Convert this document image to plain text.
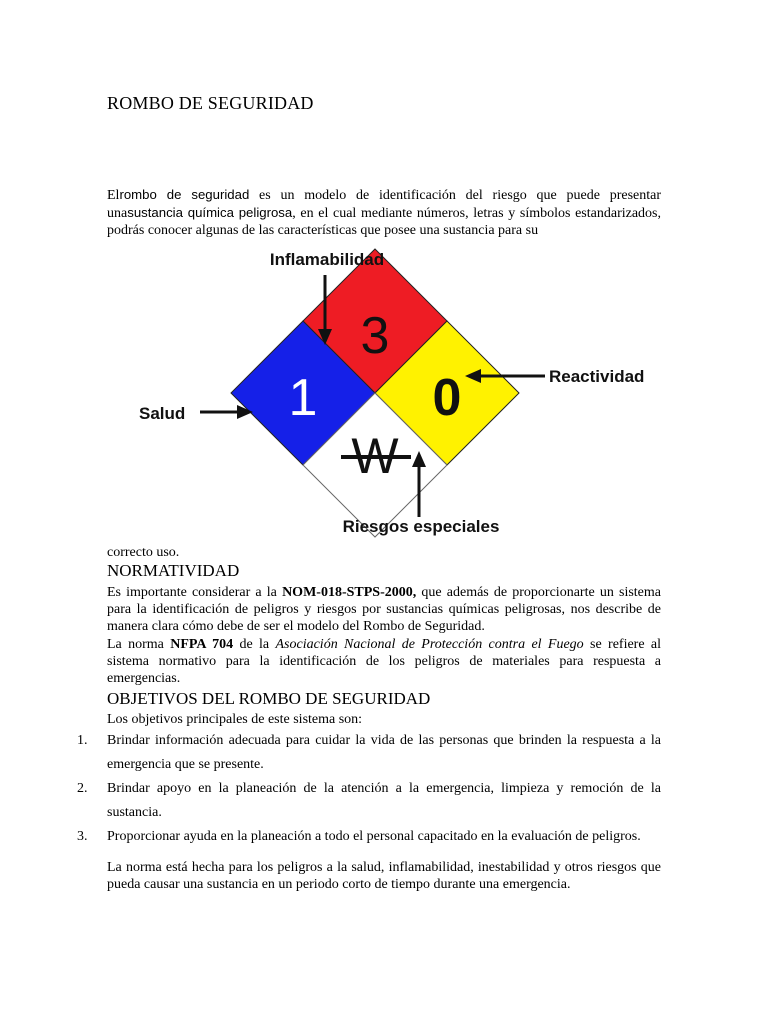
ROMBO DE SEGURIDAD
Elrombo de seguridad es un modelo de identificación del riesgo que puede presentar unasustancia química peligrosa, en el cual mediante números, letras y símbolos estandarizados, podrás conocer algunas de las características que posee una sustancia para su
3
1 0
W
Inflamabilidad
Reactividad
Salud
Riesgos especiales
correcto uso.
NORMATIVIDAD
Es importante considerar a la NOM-018-STPS-2000, que además de proporcionarte un sistema para la identificación de peligros y riesgos por sustancias químicas peligrosas, nos describe de manera clara cómo debe de ser el modelo del Rombo de Seguridad.
La norma NFPA 704 de la Asociación Nacional de Protección contra el Fuego se refiere al sistema normativo para la identificación de los peligros de materiales para respuesta a emergencias.
OBJETIVOS DEL ROMBO DE SEGURIDAD
Los objetivos principales de este sistema son:
1. Brindar información adecuada para cuidar la vida de las personas que brinden la respuesta a la emergencia que se presente.
2. Brindar apoyo en la planeación de la atención a la emergencia, limpieza y remoción de la sustancia.
3. Proporcionar ayuda en la planeación a todo el personal capacitado en la evaluación de peligros.
La norma está hecha para los peligros a la salud, inflamabilidad, inestabilidad y otros riesgos que pueda causar una sustancia en un periodo corto de tiempo durante una emergencia.
